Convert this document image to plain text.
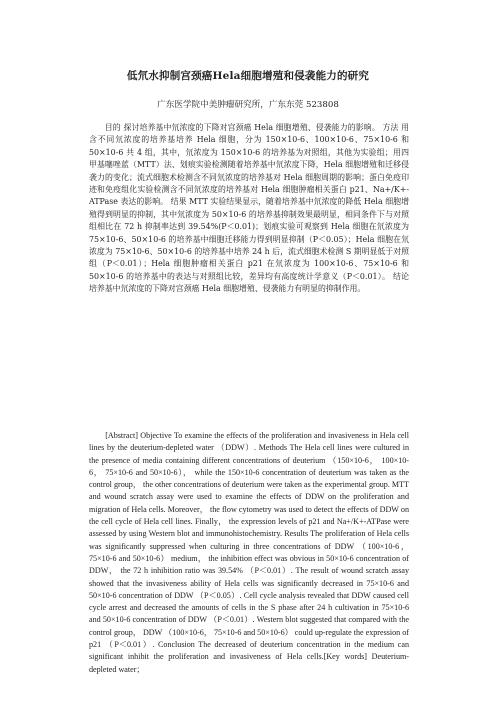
低氘水抑制宫颈癌Hela细胞增殖和侵袭能力的研究
广东医学院中美肿瘤研究所，广东东莞 523808

目的 探讨培养基中氘浓度的下降对宫颈癌 Hela 细胞增殖、侵袭能力的影响。 方法 用含不同氘浓度的培养基培养 Hela 细胞，分为 150×10-6、100×10-6、75×10-6 和 50×10-6 共 4 组，其中，氘浓度为 150×10-6 的培养基为对照组，其他为实验组；用四甲基噻唑蓝（MTT）法、划痕实验检测随着培养基中氘浓度下降，Hela 细胞增殖和迁移侵袭力的变化；流式细胞术检测含不同氘浓度的培养基对 Hela 细胞周期的影响；蛋白免疫印迹和免疫组化实验检测含不同氘浓度的培养基对 Hela 细胞肿瘤相关蛋白 p21、Na+/K+-ATPase 表达的影响。 结果 MTT 实验结果显示，随着培养基中氘浓度的降低 Hela 细胞增殖得到明显的抑制，其中氘浓度为 50×10-6 的培养基抑制效果最明显，相同条件下与对照组相比在 72 h 抑制率达到 39.54%(P＜0.01)；划痕实验可观察到 Hela 细胞在氘浓度为 75×10-6、50×10-6 的培养基中细胞迁移能力得到明显抑制（P＜0.05）；Hela 细胞在氘浓度为 75×10-6、50×10-6 的培养基中培养 24 h 后，流式细胞术检测 S 期明显低于对照组（P＜0.01）；Hela 细胞肿瘤相关蛋白 p21 在氘浓度为 100×10-6、75×10-6 和 50×10-6 的培养基中的表达与对照组比较，差异均有高度统计学意义（P＜0.01）。 结论 培养基中氘浓度的下降对宫颈癌 Hela 细胞增殖、侵袭能力有明显的抑制作用。

[Abstract] Objective To examine the effects of the proliferation and invasiveness in Hela cell lines by the deuterium-depleted water （DDW）. Methods The Hela cell lines were cultured in the presence of media containing different concentrations of deuterium （150×10-6， 100×10-6， 75×10-6 and 50×10-6）， while the 150×10-6 concentration of deuterium was taken as the control group， the other concentrations of deuterium were taken as the experimental group. MTT and wound scratch assay were used to examine the effects of DDW on the proliferation and migration of Hela cells. Moreover， the flow cytometry was used to detect the effects of DDW on the cell cycle of Hela cell lines. Finally， the expression levels of p21 and Na+/K+-ATPase were assessed by using Western blot and immunohistochemistry. Results The proliferation of Hela cells was significantly suppressed when culturing in three concentrations of DDW （100×10-6， 75×10-6 and 50×10-6） medium， the inhibition effect was obvious in 50×10-6 concentration of DDW， the 72 h inhibition ratio was 39.54% （P＜0.01）. The result of wound scratch assay showed that the invasiveness ability of Hela cells was significantly decreased in 75×10-6 and 50×10-6 concentration of DDW （P＜0.05）. Cell cycle analysis revealed that DDW caused cell cycle arrest and decreased the amounts of cells in the S phase after 24 h cultivation in 75×10-6 and 50×10-6 concentration of DDW （P＜0.01）. Western blot suggested that compared with the control group， DDW （100×10-6， 75×10-6 and 50×10-6） could up-regulate the expression of p21 （P＜0.01）. Conclusion The decreased of deuterium concentration in the medium can significant inhibit the proliferation and invasiveness of Hela cells.[Key words] Deuterium-depleted water；
